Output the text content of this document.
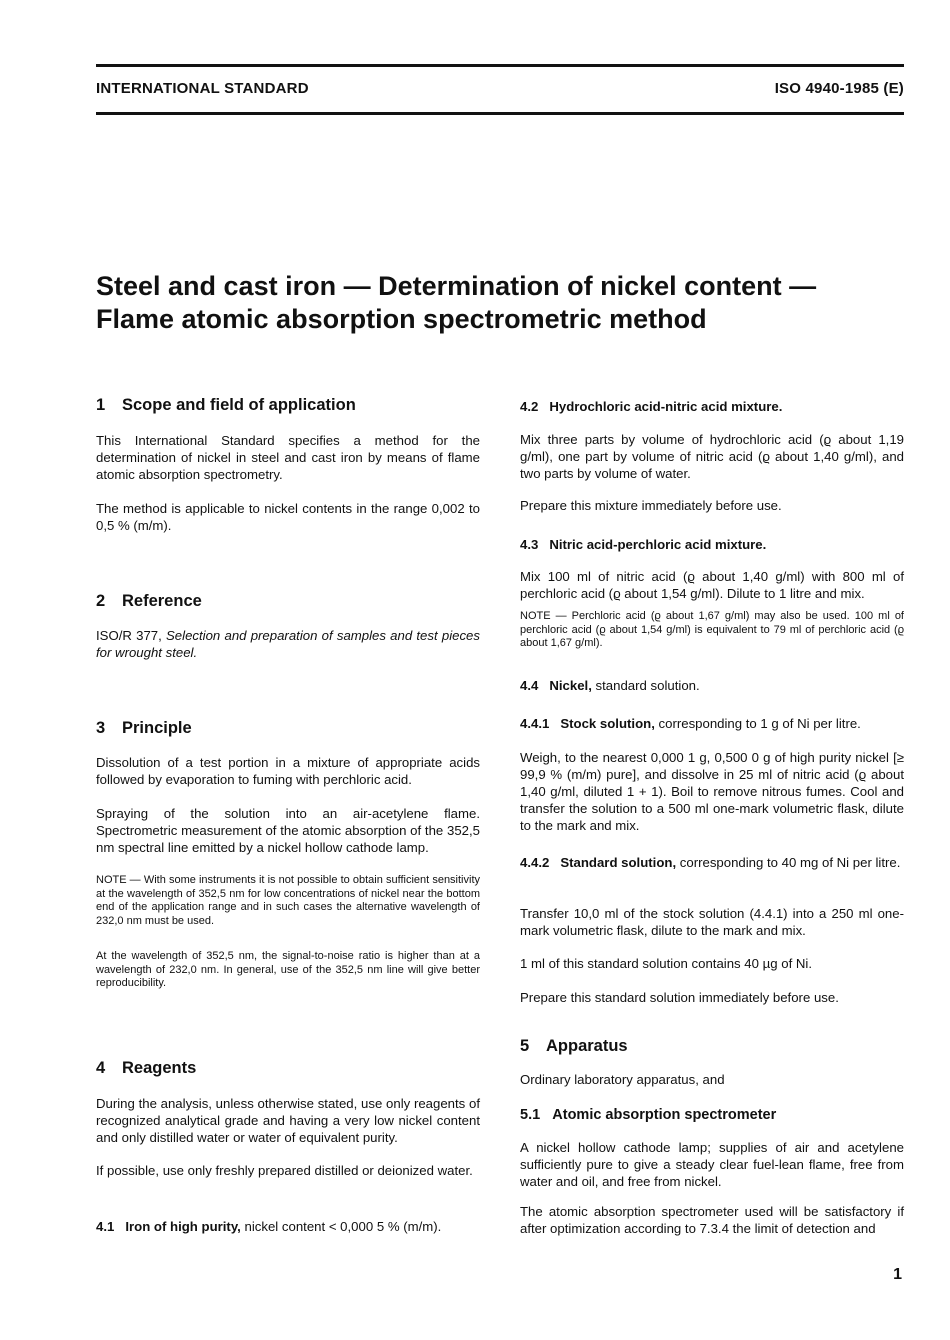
INTERNATIONAL STANDARD	ISO 4940-1985 (E)
Steel and cast iron — Determination of nickel content —
Flame atomic absorption spectrometric method
1 Scope and field of application
This International Standard specifies a method for the determination of nickel in steel and cast iron by means of flame atomic absorption spectrometry.
The method is applicable to nickel contents in the range 0,002 to 0,5 % (m/m).
2 Reference
ISO/R 377, Selection and preparation of samples and test pieces for wrought steel.
3 Principle
Dissolution of a test portion in a mixture of appropriate acids followed by evaporation to fuming with perchloric acid.
Spraying of the solution into an air-acetylene flame. Spectrometric measurement of the atomic absorption of the 352,5 nm spectral line emitted by a nickel hollow cathode lamp.
NOTE — With some instruments it is not possible to obtain sufficient sensitivity at the wavelength of 352,5 nm for low concentrations of nickel near the bottom end of the application range and in such cases the alternative wavelength of 232,0 nm must be used.
At the wavelength of 352,5 nm, the signal-to-noise ratio is higher than at a wavelength of 232,0 nm. In general, use of the 352,5 nm line will give better reproducibility.
4 Reagents
During the analysis, unless otherwise stated, use only reagents of recognized analytical grade and having a very low nickel content and only distilled water or water of equivalent purity.
If possible, use only freshly prepared distilled or deionized water.
4.1 Iron of high purity, nickel content < 0,000 5 % (m/m).
4.2 Hydrochloric acid-nitric acid mixture.
Mix three parts by volume of hydrochloric acid (ϱ about 1,19 g/ml), one part by volume of nitric acid (ϱ about 1,40 g/ml), and two parts by volume of water.
Prepare this mixture immediately before use.
4.3 Nitric acid-perchloric acid mixture.
Mix 100 ml of nitric acid (ϱ about 1,40 g/ml) with 800 ml of perchloric acid (ϱ about 1,54 g/ml). Dilute to 1 litre and mix.
NOTE — Perchloric acid (ϱ about 1,67 g/ml) may also be used. 100 ml of perchloric acid (ϱ about 1,54 g/ml) is equivalent to 79 ml of perchloric acid (ϱ about 1,67 g/ml).
4.4 Nickel, standard solution.
4.4.1 Stock solution, corresponding to 1 g of Ni per litre.
Weigh, to the nearest 0,000 1 g, 0,500 0 g of high purity nickel [≥ 99,9 % (m/m) pure], and dissolve in 25 ml of nitric acid (ϱ about 1,40 g/ml, diluted 1 + 1). Boil to remove nitrous fumes. Cool and transfer the solution to a 500 ml one-mark volumetric flask, dilute to the mark and mix.
4.4.2 Standard solution, corresponding to 40 mg of Ni per litre.
Transfer 10,0 ml of the stock solution (4.4.1) into a 250 ml one-mark volumetric flask, dilute to the mark and mix.
1 ml of this standard solution contains 40 µg of Ni.
Prepare this standard solution immediately before use.
5 Apparatus
Ordinary laboratory apparatus, and
5.1 Atomic absorption spectrometer
A nickel hollow cathode lamp; supplies of air and acetylene sufficiently pure to give a steady clear fuel-lean flame, free from water and oil, and free from nickel.
The atomic absorption spectrometer used will be satisfactory if after optimization according to 7.3.4 the limit of detection and
1
